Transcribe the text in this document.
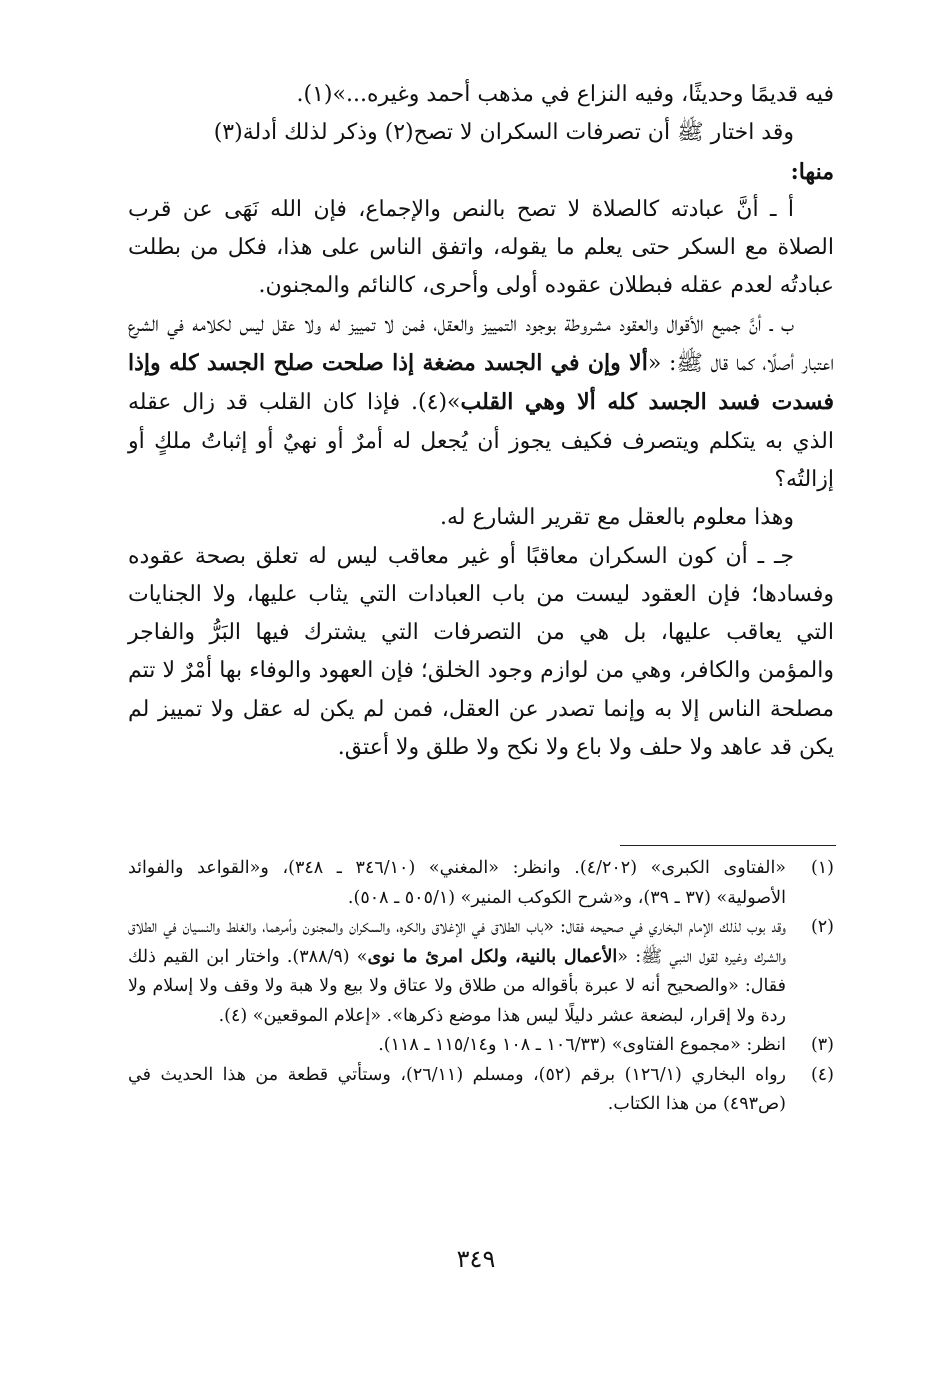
فيه قديمًا وحديثًا، وفيه النزاع في مذهب أحمد وغيره...»(١).

وقد اختار ﷺ أن تصرفات السكران لا تصح(٢) وذكر لذلك أدلة(٣)

منها:

أ ـ أنَّ عبادته كالصلاة لا تصح بالنص والإجماع، فإن الله نَهَى عن قرب الصلاة مع السكر حتى يعلم ما يقوله، واتفق الناس على هذا، فكل من بطلت عبادتُه لعدم عقله فبطلان عقوده أولى وأحرى، كالنائم والمجنون.

ب ـ أنَّ جميع الأقوال والعقود مشروطة بوجود التمييز والعقل، فمن لا تمييز له ولا عقل ليس لكلامه في الشرع اعتبار أصلًا، كما قال ﷺ: «ألا وإن في الجسد مضغة إذا صلحت صلح الجسد كله وإذا فسدت فسد الجسد كله ألا وهي القلب»(٤). فإذا كان القلب قد زال عقله الذي به يتكلم ويتصرف فكيف يجوز أن يُجعل له أمرٌ أو نهيٌ أو إثباتُ ملكٍ أو إزالتُه؟

وهذا معلوم بالعقل مع تقرير الشارع له.

جـ ـ أن كون السكران معاقبًا أو غير معاقب ليس له تعلق بصحة عقوده وفسادها؛ فإن العقود ليست من باب العبادات التي يثاب عليها، ولا الجنايات التي يعاقب عليها، بل هي من التصرفات التي يشترك فيها البَرُّ والفاجر والمؤمن والكافر، وهي من لوازم وجود الخلق؛ فإن العهود والوفاء بها أمْرٌ لا تتم مصلحة الناس إلا به وإنما تصدر عن العقل، فمن لم يكن له عقل ولا تمييز لم يكن قد عاهد ولا حلف ولا باع ولا نكح ولا طلق ولا أعتق.

(١)
«الفتاوى الكبرى» (٤/٢٠٢). وانظر: «المغني» (٣٤٦/١٠ ـ ٣٤٨)، و«القواعد والفوائد الأصولية» (٣٧ ـ ٣٩)، و«شرح الكوكب المنير» (٥٠٥/١ ـ ٥٠٨).
(٢)
وقد بوب لذلك الإمام البخاري في صحيحه فقال: «باب الطلاق في الإغلاق والكره، والسكران والمجنون وأمرهما، والغلط والنسيان في الطلاق والشرك وغيره لقول النبي ﷺ: «الأعمال بالنية، ولكل امرئ ما نوى» (٣٨٨/٩). واختار ابن القيم ذلك فقال: «والصحيح أنه لا عبرة بأقواله من طلاق ولا عتاق ولا بيع ولا هبة ولا وقف ولا إسلام ولا ردة ولا إقرار، لبضعة عشر دليلًا ليس هذا موضع ذكرها». «إعلام الموقعين» (٤).
(٣)
انظر: «مجموع الفتاوى» (١٠٦/٣٣ ـ ١٠٨ و١١٥/١٤ ـ ١١٨).
(٤)
رواه البخاري (١٢٦/١) برقم (٥٢)، ومسلم (٢٦/١١)، وستأتي قطعة من هذا الحديث في (ص٤٩٣) من هذا الكتاب.
٣٤٩
